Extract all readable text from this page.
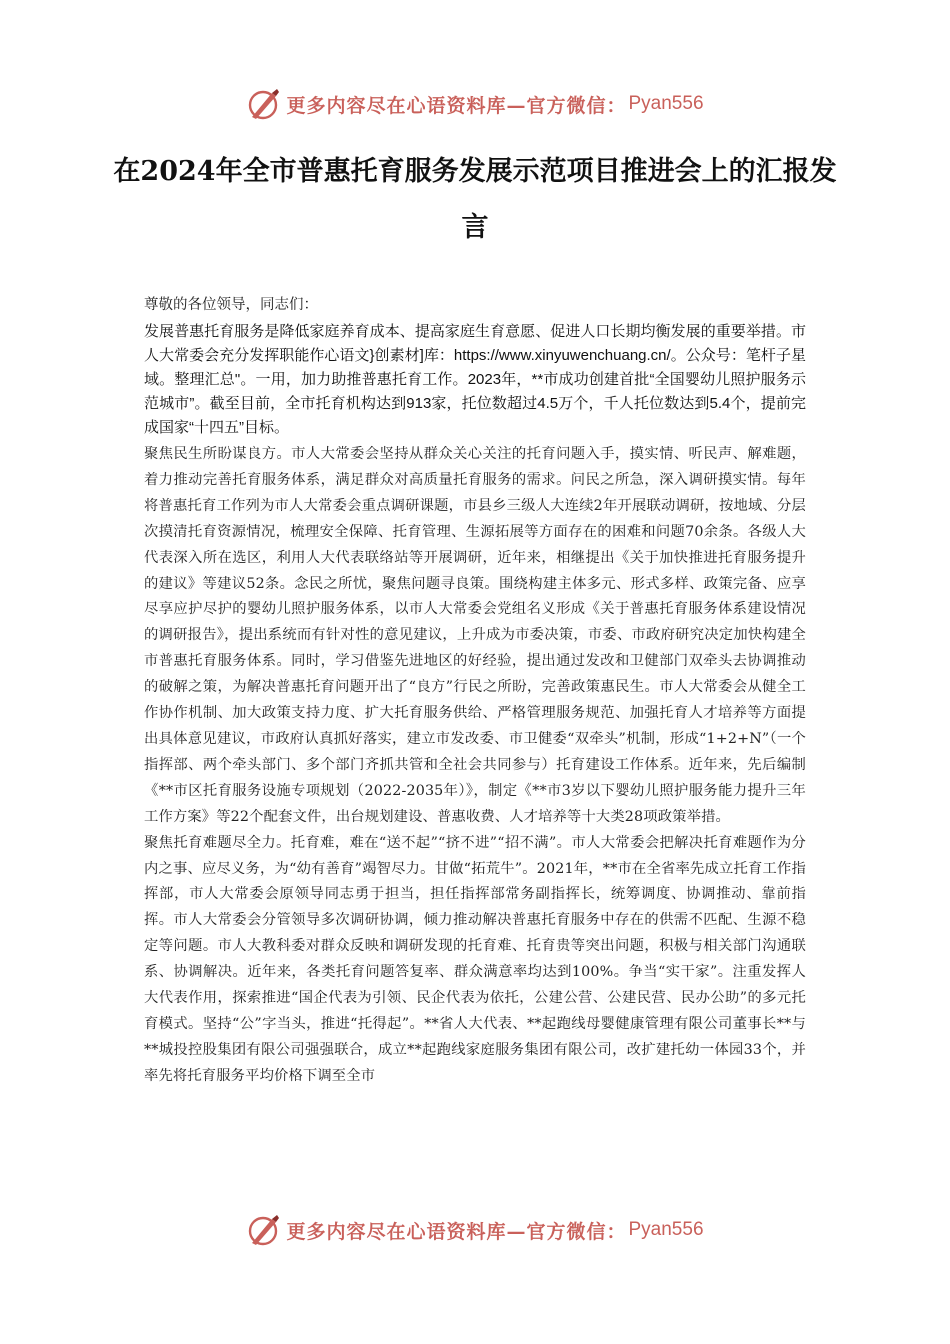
更多内容尽在心语资料库—官方微信： Pyan556
在2024年全市普惠托育服务发展示范项目推进会上的汇报发言

尊敬的各位领导，同志们：

发展普惠托育服务是降低家庭养育成本、提高家庭生育意愿、促进人口长期均衡发展的重要举措。市人大常委会充分发挥职能作心语文}创素材]库：https://www.xinyuwenchuang.cn/。公众号：笔杆子星域。整理汇总"。一用，加力助推普惠托育工作。2023年，**市成功创建首批“全国婴幼儿照护服务示范城市”。截至目前，全市托育机构达到913家，托位数超过4.5万个，千人托位数达到5.4个，提前完成国家“十四五”目标。

聚焦民生所盼谋良方。市人大常委会坚持从群众关心关注的托育问题入手，摸实情、听民声、解难题，着力推动完善托育服务体系，满足群众对高质量托育服务的需求。问民之所急，深入调研摸实情。每年将普惠托育工作列为市人大常委会重点调研课题，市县乡三级人大连续2年开展联动调研，按地域、分层次摸清托育资源情况，梳理安全保障、托育管理、生源拓展等方面存在的困难和问题70余条。各级人大代表深入所在选区，利用人大代表联络站等开展调研，近年来，相继提出《关于加快推进托育服务提升的建议》等建议52条。念民之所忧，聚焦问题寻良策。围绕构建主体多元、形式多样、政策完备、应享尽享应护尽护的婴幼儿照护服务体系，以市人大常委会党组名义形成《关于普惠托育服务体系建设情况的调研报告》，提出系统而有针对性的意见建议，上升成为市委决策，市委、市政府研究决定加快构建全市普惠托育服务体系。同时，学习借鉴先进地区的好经验，提出通过发改和卫健部门双牵头去协调推动的破解之策，为解决普惠托育问题开出了“良方”行民之所盼，完善政策惠民生。市人大常委会从健全工作协作机制、加大政策支持力度、扩大托育服务供给、严格管理服务规范、加强托育人才培养等方面提出具体意见建议，市政府认真抓好落实，建立市发改委、市卫健委“双牵头”机制，形成“1+2+N”（一个指挥部、两个牵头部门、多个部门齐抓共管和全社会共同参与）托育建设工作体系。近年来，先后编制《**市区托育服务设施专项规划（2022-2035年）》，制定《**市3岁以下婴幼儿照护服务能力提升三年工作方案》等22个配套文件，出台规划建设、普惠收费、人才培养等十大类28项政策举措。

聚焦托育难题尽全力。托育难，难在“送不起”“挤不进”“招不满”。市人大常委会把解决托育难题作为分内之事、应尽义务，为“幼有善育”竭智尽力。甘做“拓荒牛”。2021年，**市在全省率先成立托育工作指挥部，市人大常委会原领导同志勇于担当，担任指挥部常务副指挥长，统筹调度、协调推动、靠前指挥。市人大常委会分管领导多次调研协调，倾力推动解决普惠托育服务中存在的供需不匹配、生源不稳定等问题。市人大教科委对群众反映和调研发现的托育难、托育贵等突出问题，积极与相关部门沟通联系、协调解决。近年来，各类托育问题答复率、群众满意率均达到100%。争当“实干家”。注重发挥人大代表作用，探索推进“国企代表为引领、民企代表为依托，公建公营、公建民营、民办公助”的多元托育模式。坚持“公”字当头，推进“托得起”。**省人大代表、**起跑线母婴健康管理有限公司董事长**与**城投控股集团有限公司强强联合，成立**起跑线家庭服务集团有限公司，改扩建托幼一体园33个，并率先将托育服务平均价格下调至全市

更多内容尽在心语资料库—官方微信： Pyan556
